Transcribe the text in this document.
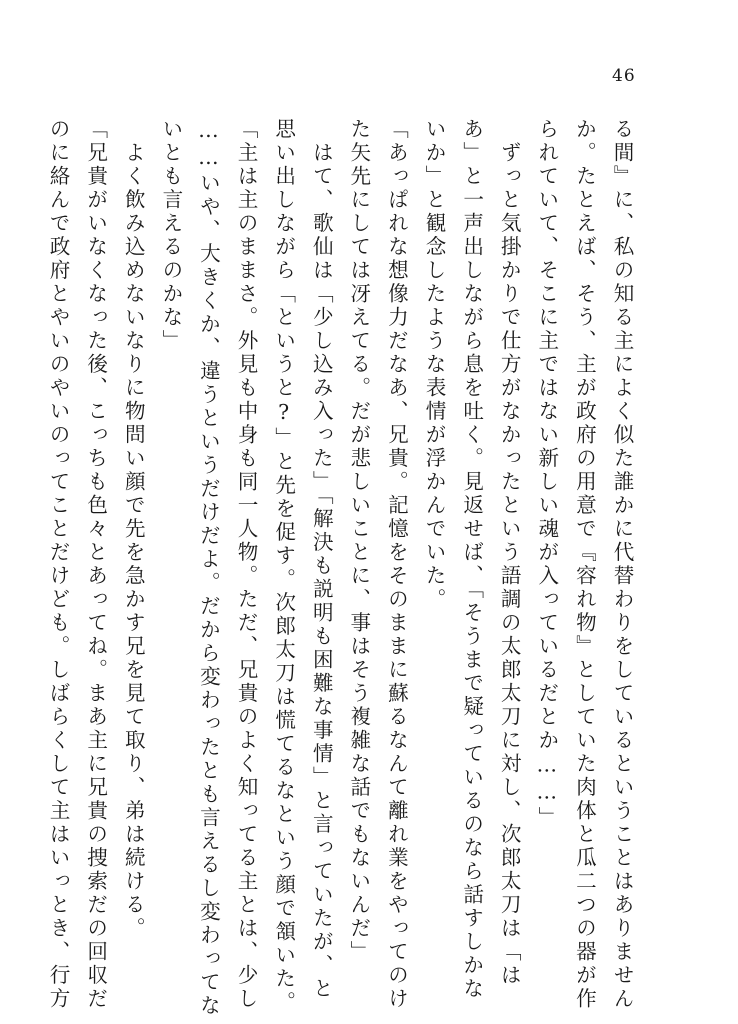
46
る間』に、私の知る主によく似た誰かに代替わりをしているということはありません
か。たとえば、そう、主が政府の用意で『容れ物』としていた肉体と瓜二つの器が作
られていて、そこに主ではない新しい魂が入っているだとか……」
　ずっと気掛かりで仕方がなかったという語調の太郎太刀に対し、次郎太刀は「は
あ」と一声出しながら息を吐く。見返せば、「そうまで疑っているのなら話すしかな
いか」と観念したような表情が浮かんでいた。
「あっぱれな想像力だなあ、兄貴。記憶をそのままに蘇るなんて離れ業をやってのけ
た矢先にしては冴えてる。だが悲しいことに、事はそう複雑な話でもないんだ」
　はて、歌仙は「少し込み入った」「解決も説明も困難な事情」と言っていたが、と
思い出しながら「というと?」と先を促す。次郎太刀は慌てるなという顔で頷いた。
「主は主のままさ。外見も中身も同一人物。ただ、兄貴のよく知ってる主とは、少し
……いや、大きくか、違うというだけだよ。だから変わったとも言えるし変わってな
いとも言えるのかな」
　よく飲み込めないなりに物問い顔で先を急かす兄を見て取り、弟は続ける。
「兄貴がいなくなった後、こっちも色々とあってね。まあ主に兄貴の捜索だの回収だ
のに絡んで政府とやいのやいのってことだけども。しばらくして主はいっとき、行方
